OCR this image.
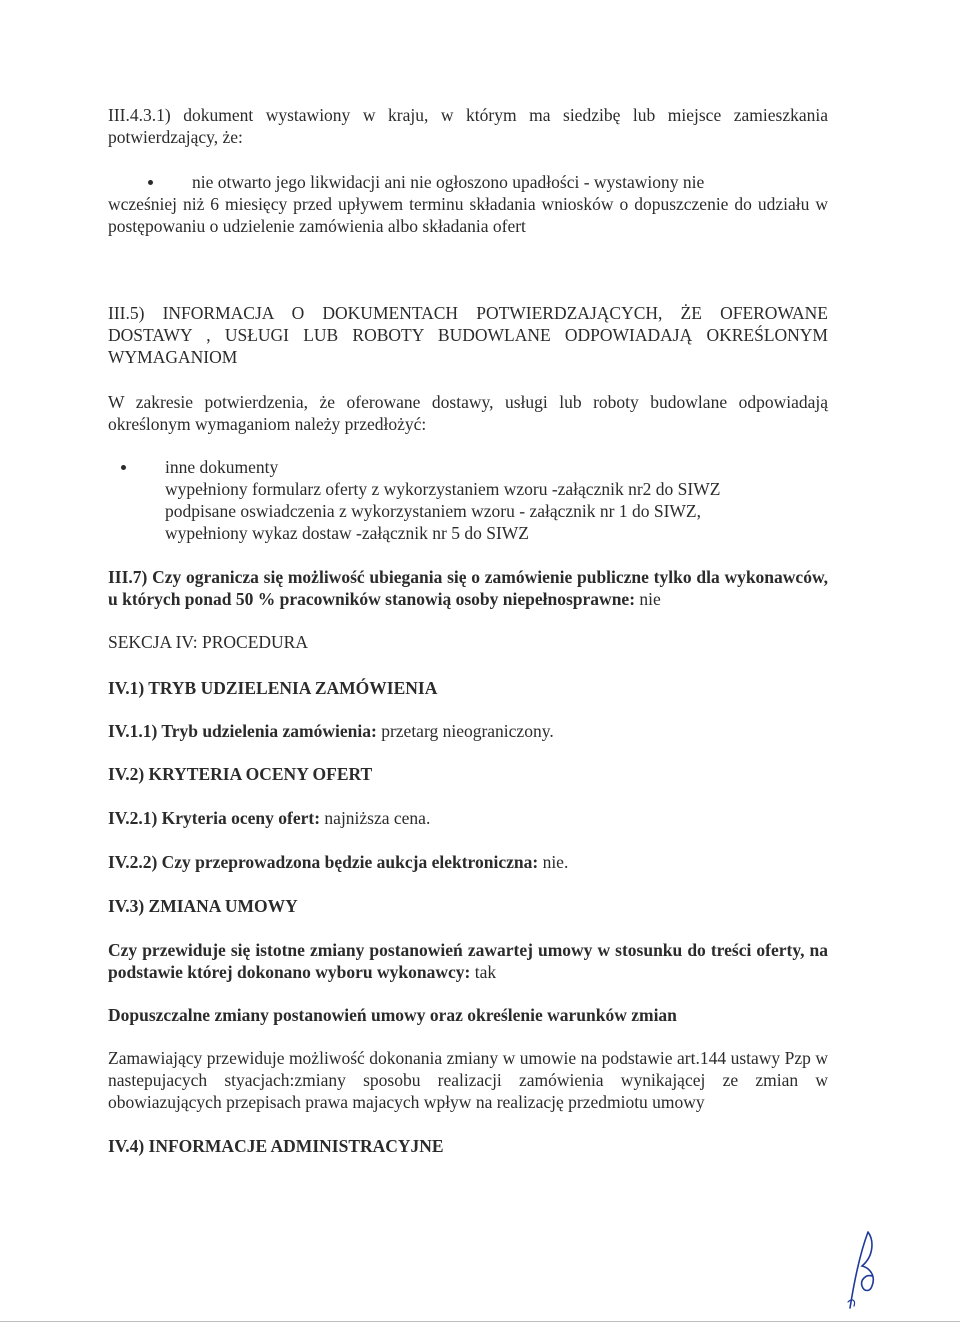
III.4.3.1) dokument wystawiony w kraju, w którym ma siedzibę lub miejsce zamieszkania potwierdzający, że:

nie otwarto jego likwidacji ani nie ogłoszono upadłości - wystawiony nie

wcześniej niż 6 miesięcy przed upływem terminu składania wniosków o dopuszczenie do udziału w postępowaniu o udzielenie zamówienia albo składania ofert

III.5) INFORMACJA O DOKUMENTACH POTWIERDZAJĄCYCH, ŻE OFEROWANE DOSTAWY , USŁUGI LUB ROBOTY BUDOWLANE ODPOWIADAJĄ OKREŚLONYM WYMAGANIOM
W zakresie potwierdzenia, że oferowane dostawy, usługi lub roboty budowlane odpowiadają określonym wymaganiom należy przedłożyć:
inne dokumenty
wypełniony formularz oferty z wykorzystaniem wzoru -załącznik nr2 do SIWZ
podpisane oswiadczenia z wykorzystaniem wzoru - załącznik nr 1 do SIWZ,
wypełniony wykaz dostaw -załącznik nr 5 do SIWZ
III.7) Czy ogranicza się możliwość ubiegania się o zamówienie publiczne tylko dla wykonawców, u których ponad 50 % pracowników stanowią osoby niepełnosprawne: nie
SEKCJA IV: PROCEDURA
IV.1) TRYB UDZIELENIA ZAMÓWIENIA
IV.1.1) Tryb udzielenia zamówienia: przetarg nieograniczony.
IV.2) KRYTERIA OCENY OFERT
IV.2.1) Kryteria oceny ofert: najniższa cena.
IV.2.2) Czy przeprowadzona będzie aukcja elektroniczna: nie.
IV.3) ZMIANA UMOWY
Czy przewiduje się istotne zmiany postanowień zawartej umowy w stosunku do treści oferty, na podstawie której dokonano wyboru wykonawcy: tak
Dopuszczalne zmiany postanowień umowy oraz określenie warunków zmian
Zamawiający przewiduje możliwość dokonania zmiany w umowie na podstawie art.144 ustawy Pzp w nastepujacych styacjach:zmiany sposobu realizacji zamówienia wynikającej ze zmian w obowiazujących przepisach prawa majacych wpływ na realizację przedmiotu umowy
IV.4) INFORMACJE ADMINISTRACYJNE
